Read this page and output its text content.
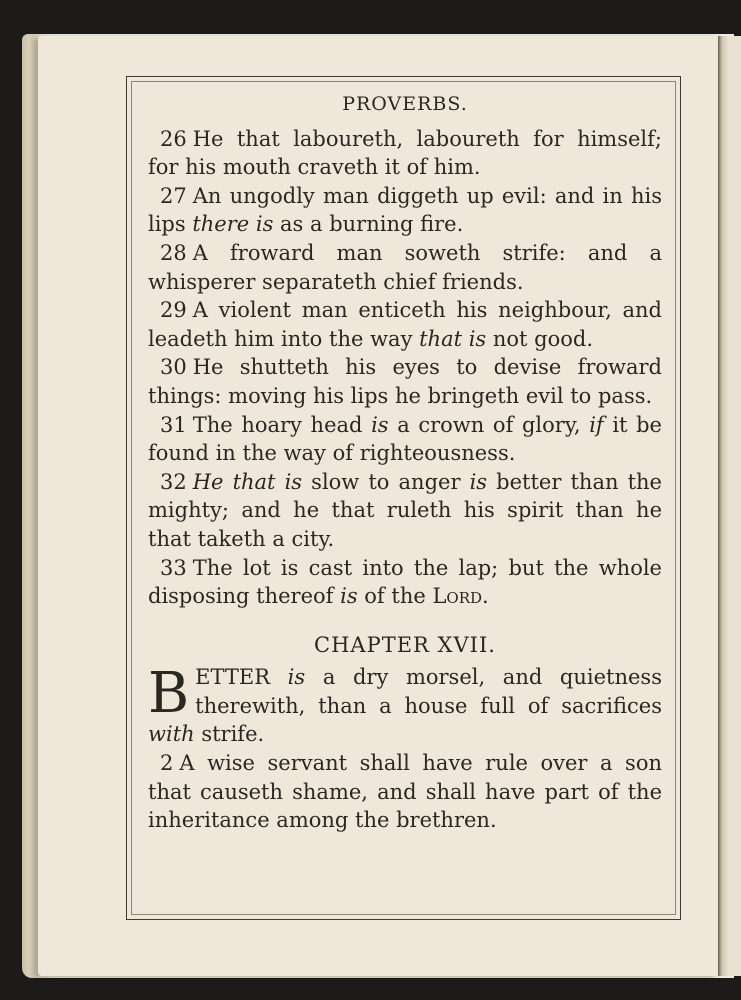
PROVERBS.

26 He that laboureth, laboureth for himself; for his mouth craveth it of him.

27 An ungodly man diggeth up evil: and in his lips there is as a burning fire.

28 A froward man soweth strife: and a whisperer separateth chief friends.

29 A violent man enticeth his neighbour, and leadeth him into the way that is not good.

30 He shutteth his eyes to devise froward things: moving his lips he bringeth evil to pass.

31 The hoary head is a crown of glory, if it be found in the way of righteousness.

32 He that is slow to anger is better than the mighty; and he that ruleth his spirit than he that taketh a city.

33 The lot is cast into the lap; but the whole disposing thereof is of the Lord.

CHAPTER XVII.

B ETTER is a dry morsel, and quietness therewith, than a house full of sacrifices with strife.

2 A wise servant shall have rule over a son that causeth shame, and shall have part of the inheritance among the brethren.
